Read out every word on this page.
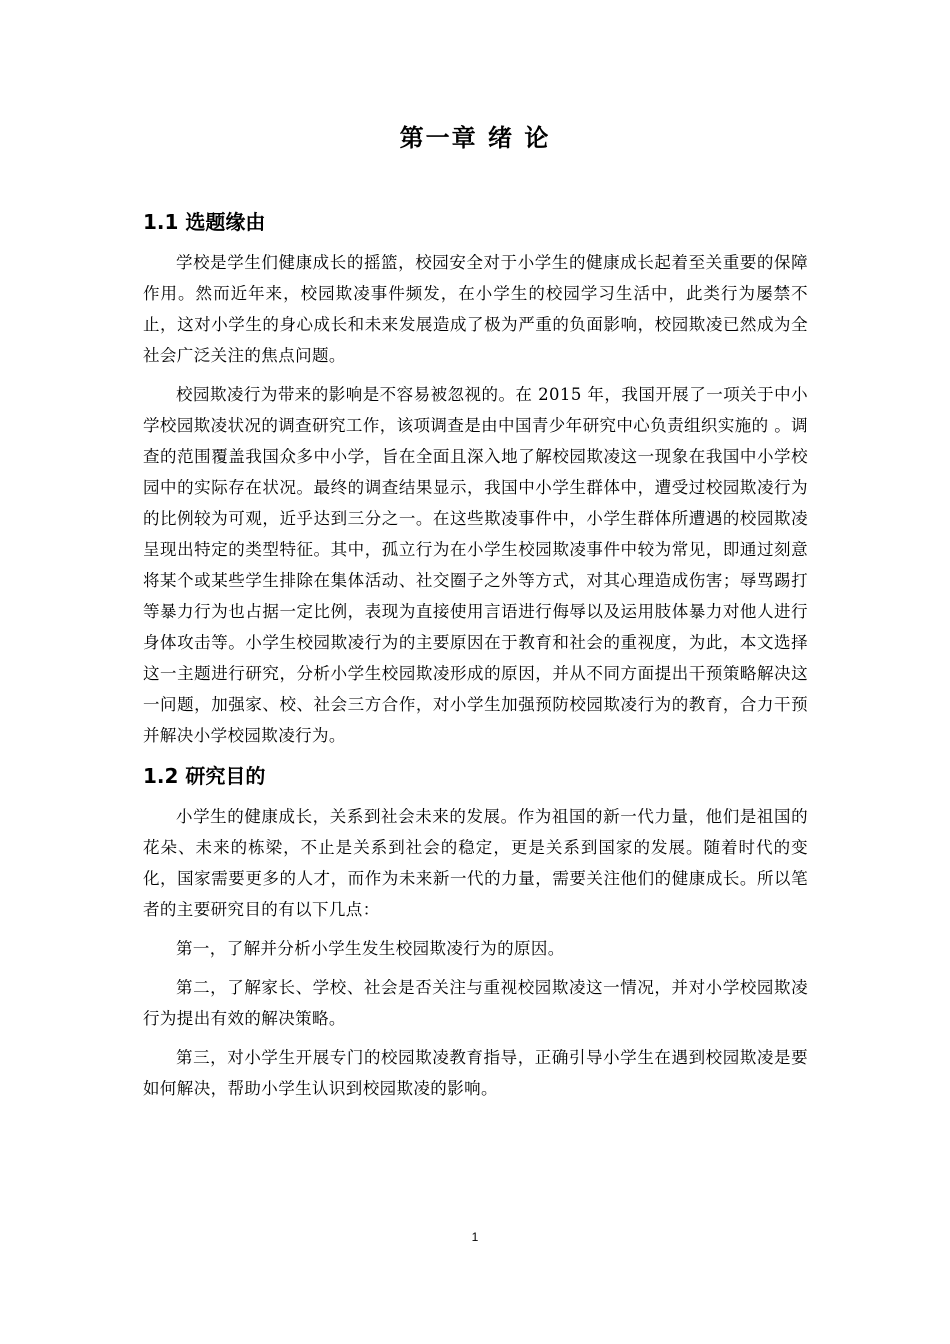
第一章 绪 论
1.1 选题缘由

学校是学生们健康成长的摇篮，校园安全对于小学生的健康成长起着至关重要的保障作用。然而近年来，校园欺凌事件频发，在小学生的校园学习生活中，此类行为屡禁不止，这对小学生的身心成长和未来发展造成了极为严重的负面影响，校园欺凌已然成为全社会广泛关注的焦点问题。

校园欺凌行为带来的影响是不容易被忽视的。在 2015 年，我国开展了一项关于中小学校园欺凌状况的调查研究工作，该项调查是由中国青少年研究中心负责组织实施的 。调查的范围覆盖我国众多中小学，旨在全面且深入地了解校园欺凌这一现象在我国中小学校园中的实际存在状况。最终的调查结果显示，我国中小学生群体中，遭受过校园欺凌行为的比例较为可观，近乎达到三分之一。在这些欺凌事件中，小学生群体所遭遇的校园欺凌呈现出特定的类型特征。其中，孤立行为在小学生校园欺凌事件中较为常见，即通过刻意将某个或某些学生排除在集体活动、社交圈子之外等方式，对其心理造成伤害；辱骂踢打等暴力行为也占据一定比例，表现为直接使用言语进行侮辱以及运用肢体暴力对他人进行身体攻击等。小学生校园欺凌行为的主要原因在于教育和社会的重视度，为此，本文选择这一主题进行研究，分析小学生校园欺凌形成的原因，并从不同方面提出干预策略解决这一问题，加强家、校、社会三方合作，对小学生加强预防校园欺凌行为的教育，合力干预并解决小学校园欺凌行为。

1.2 研究目的

小学生的健康成长，关系到社会未来的发展。作为祖国的新一代力量，他们是祖国的花朵、未来的栋梁，不止是关系到社会的稳定，更是关系到国家的发展。随着时代的变化，国家需要更多的人才，而作为未来新一代的力量，需要关注他们的健康成长。所以笔者的主要研究目的有以下几点：

第一，了解并分析小学生发生校园欺凌行为的原因。

第二，了解家长、学校、社会是否关注与重视校园欺凌这一情况，并对小学校园欺凌行为提出有效的解决策略。

第三，对小学生开展专门的校园欺凌教育指导，正确引导小学生在遇到校园欺凌是要如何解决，帮助小学生认识到校园欺凌的影响。

1
